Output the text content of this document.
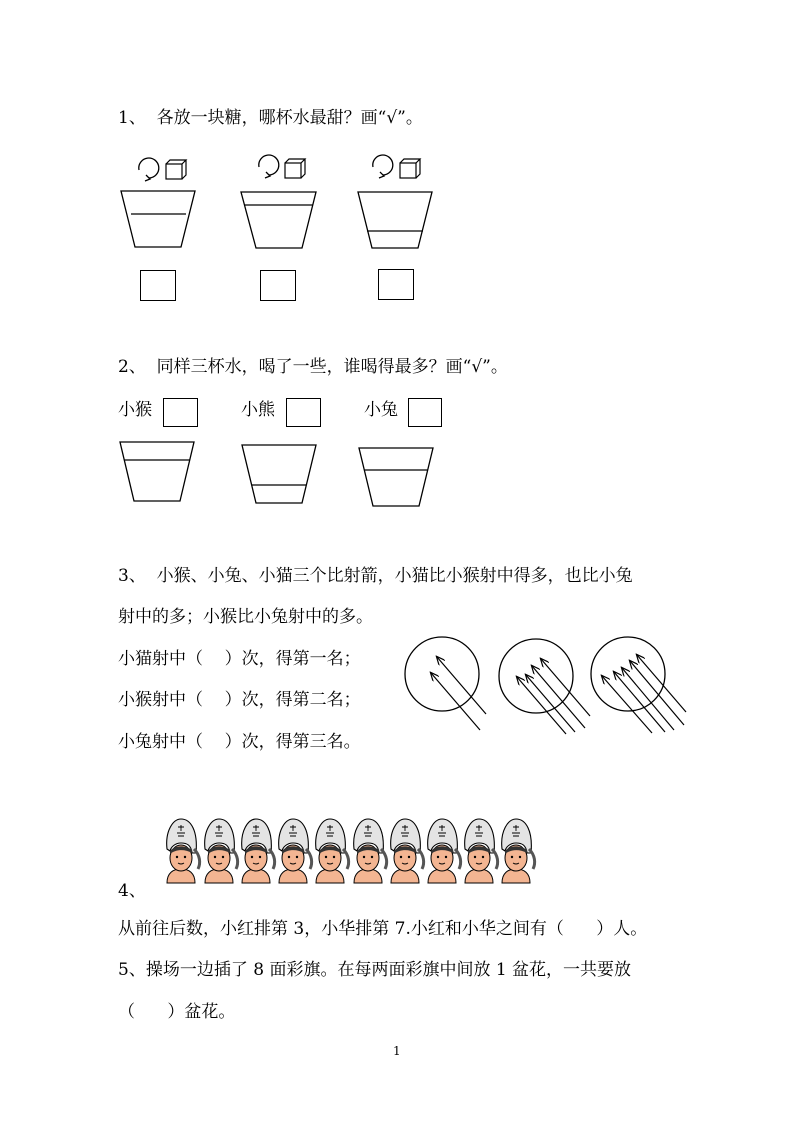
1、  各放一块糖，哪杯水最甜？画“√”。
2、  同样三杯水，喝了一些，谁喝得最多？画“√”。
小猴	小熊	小兔
3、  小猴、小兔、小猫三个比射箭，小猫比小猴射中得多，也比小兔
射中的多；小猴比小兔射中的多。
小猫射中（    ）次，得第一名；
小猴射中（    ）次，得第二名；
小兔射中（    ）次，得第三名。
4、
从前往后数，小红排第 3，小华排第 7.小红和小华之间有（      ）人。
5、操场一边插了 8 面彩旗。在每两面彩旗中间放 1 盆花，一共要放
（      ）盆花。
1
